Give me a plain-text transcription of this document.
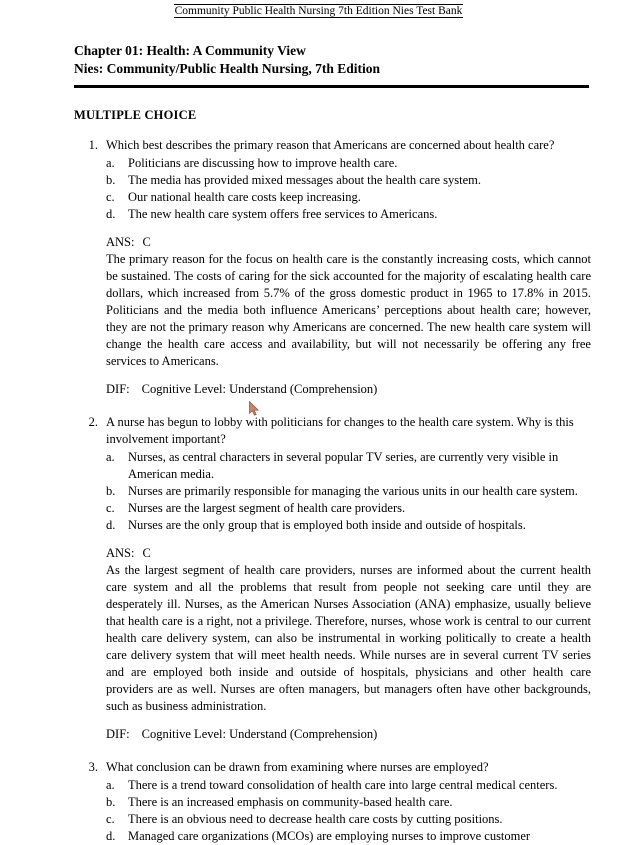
Community Public Health Nursing 7th Edition Nies Test Bank
Chapter 01: Health: A Community View
Nies: Community/Public Health Nursing, 7th Edition
MULTIPLE CHOICE
1. Which best describes the primary reason that Americans are concerned about health care?

a.	Politicians are discussing how to improve health care.
b.	The media has provided mixed messages about the health care system.
c.	Our national health care costs keep increasing.
d.	The new health care system offers free services to Americans.

ANS: C

The primary reason for the focus on health care is the constantly increasing costs, which cannot be sustained. The costs of caring for the sick accounted for the majority of escalating health care dollars, which increased from 5.7% of the gross domestic product in 1965 to 17.8% in 2015. Politicians and the media both influence Americans’ perceptions about health care; however, they are not the primary reason why Americans are concerned. The new health care system will change the health care access and availability, but will not necessarily be offering any free services to Americans.

DIF: Cognitive Level: Understand (Comprehension)
2. A nurse has begun to lobby with politicians for changes to the health care system. Why is this involvement important?

a.	Nurses, as central characters in several popular TV series, are currently very visible in American media.
b.	Nurses are primarily responsible for managing the various units in our health care system.
c.	Nurses are the largest segment of health care providers.
d.	Nurses are the only group that is employed both inside and outside of hospitals.

ANS: C

As the largest segment of health care providers, nurses are informed about the current health care system and all the problems that result from people not seeking care until they are desperately ill. Nurses, as the American Nurses Association (ANA) emphasize, usually believe that health care is a right, not a privilege. Therefore, nurses, whose work is central to our current health care delivery system, can also be instrumental in working politically to create a health care delivery system that will meet health needs. While nurses are in several current TV series and are employed both inside and outside of hospitals, physicians and other health care providers are as well. Nurses are often managers, but managers often have other backgrounds, such as business administration.

DIF: Cognitive Level: Understand (Comprehension)
3. What conclusion can be drawn from examining where nurses are employed?

a.	There is a trend toward consolidation of health care into large central medical centers.
b.	There is an increased emphasis on community-based health care.
c.	There is an obvious need to decrease health care costs by cutting positions.
d.	Managed care organizations (MCOs) are employing nurses to improve customer
